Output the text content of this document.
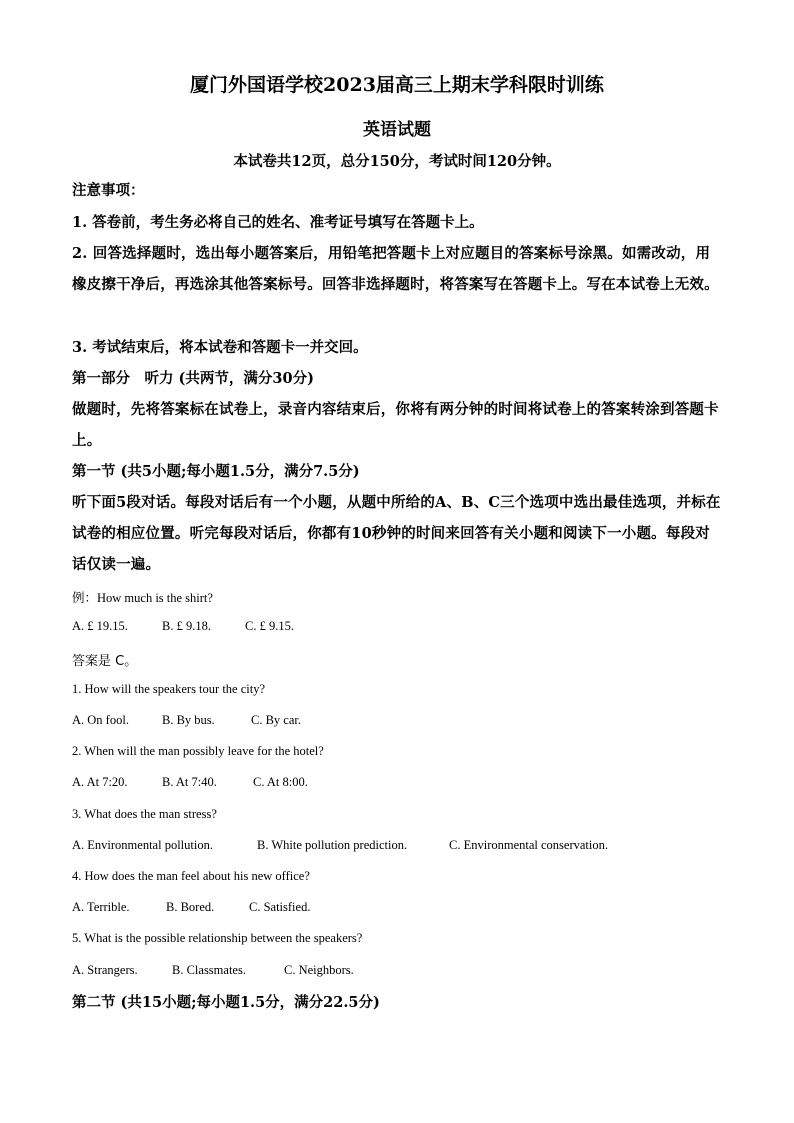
厦门外国语学校2023届高三上期末学科限时训练
英语试题
本试卷共12页，总分150分，考试时间120分钟。
注意事项：
1. 答卷前，考生务必将自己的姓名、准考证号填写在答题卡上。
2. 回答选择题时，选出每小题答案后，用铅笔把答题卡上对应题目的答案标号涂黑。如需改动，用橡皮擦干净后，再选涂其他答案标号。回答非选择题时，将答案写在答题卡上。写在本试卷上无效。
3. 考试结束后，将本试卷和答题卡一并交回。
第一部分　听力 (共两节，满分30分)
做题时，先将答案标在试卷上，录音内容结束后，你将有两分钟的时间将试卷上的答案转涂到答题卡上。
第一节 (共5小题;每小题1.5分，满分7.5分)
听下面5段对话。每段对话后有一个小题，从题中所给的A、B、C三个选项中选出最佳选项，并标在试卷的相应位置。听完每段对话后，你都有10秒钟的时间来回答有关小题和阅读下一小题。每段对话仅读一遍。
例：How much is the shirt?
A. £ 19.15.	B. £ 9.18.	C. £ 9.15.
答案是 C。
1. How will the speakers tour the city?
A. On fool.	B. By bus.	C. By car.
2. When will the man possibly leave for the hotel?
A. At 7:20.	B. At 7:40.	C. At 8:00.
3. What does the man stress?
A. Environmental pollution.	B. White pollution prediction.	C. Environmental conservation.
4. How does the man feel about his new office?
A. Terrible.	B. Bored.	C. Satisfied.
5. What is the possible relationship between the speakers?
A. Strangers.	B. Classmates.	C. Neighbors.
第二节 (共15小题;每小题1.5分，满分22.5分)
